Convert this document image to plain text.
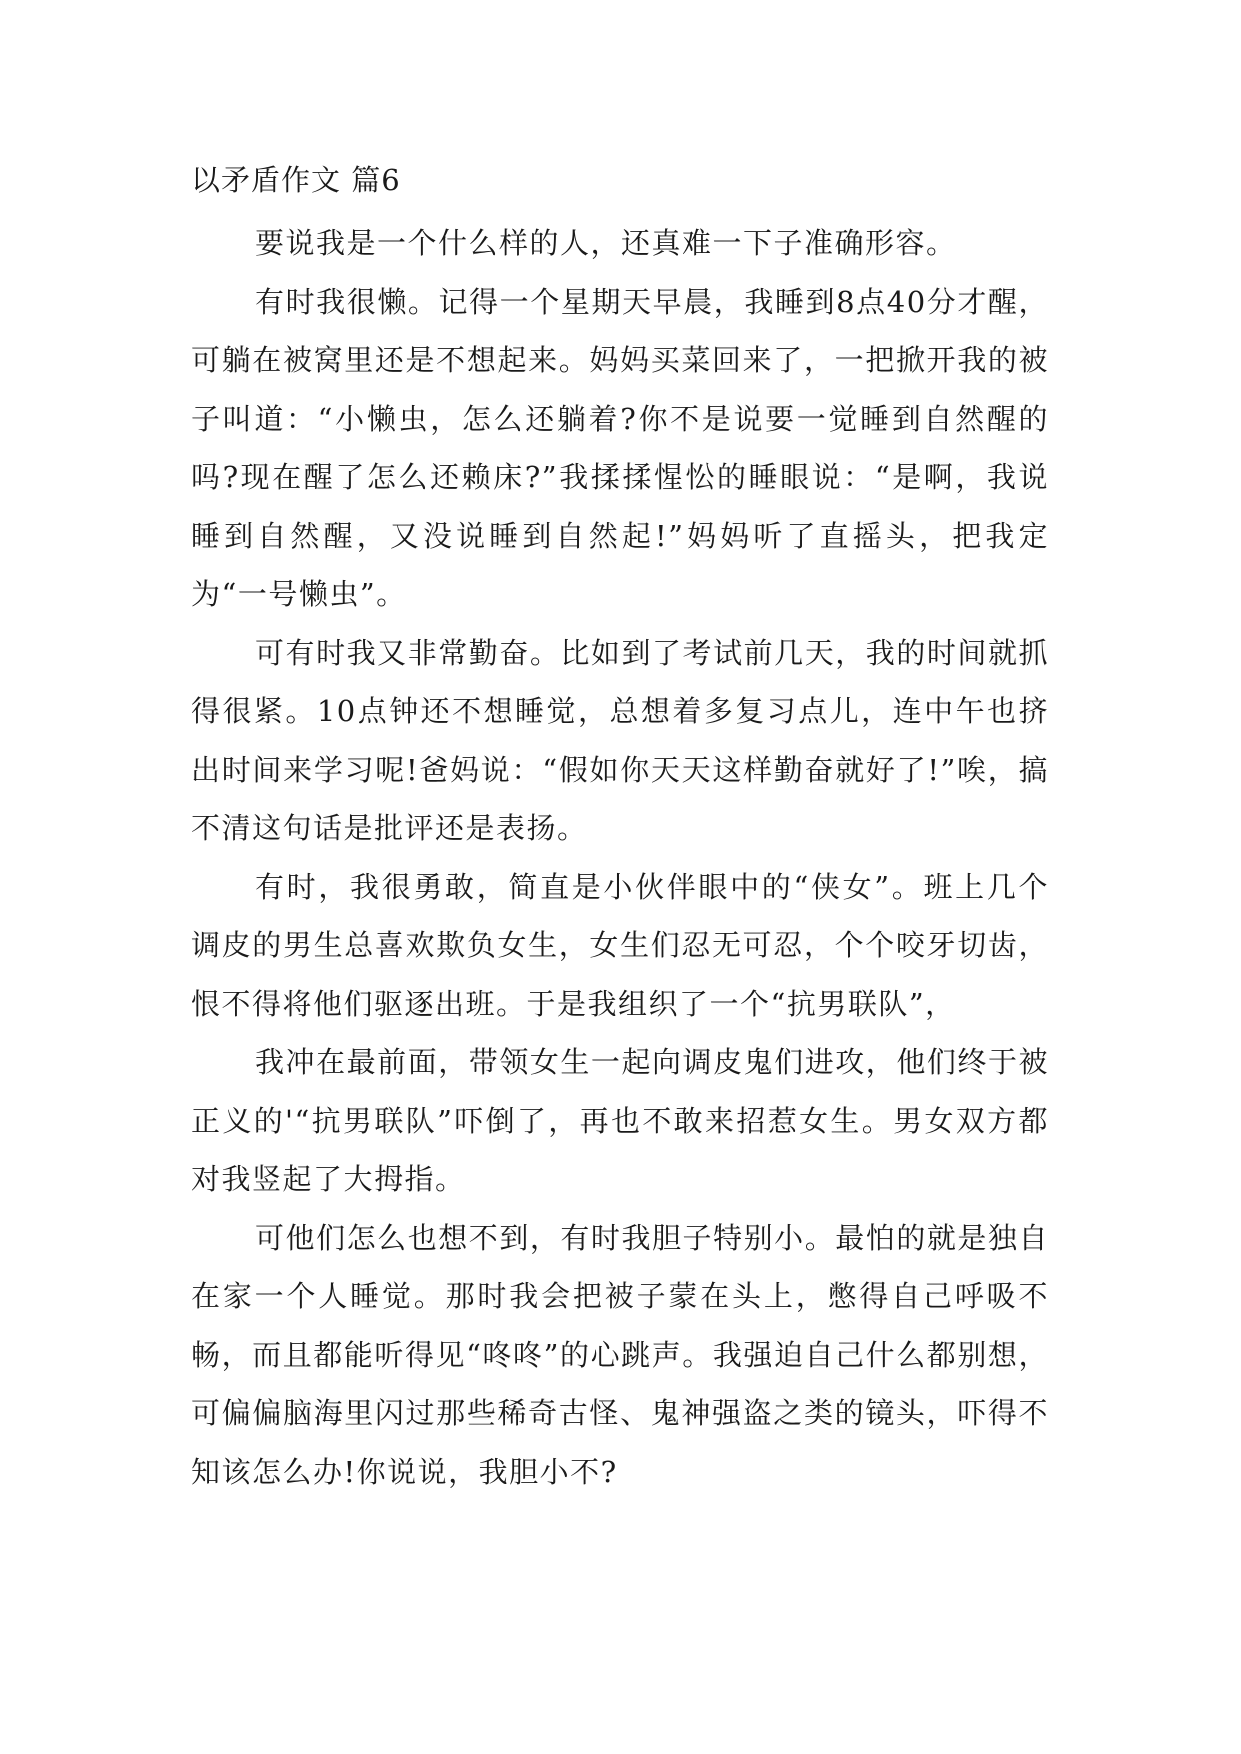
以矛盾作文 篇6

要说我是一个什么样的人，还真难一下子准确形容。

有时我很懒。记得一个星期天早晨，我睡到8点40分才醒，可躺在被窝里还是不想起来。妈妈买菜回来了，一把掀开我的被子叫道：“小懒虫，怎么还躺着?你不是说要一觉睡到自然醒的吗?现在醒了怎么还赖床?”我揉揉惺忪的睡眼说：“是啊，我说睡到自然醒，又没说睡到自然起!”妈妈听了直摇头，把我定为“一号懒虫”。

可有时我又非常勤奋。比如到了考试前几天，我的时间就抓得很紧。10点钟还不想睡觉，总想着多复习点儿，连中午也挤出时间来学习呢!爸妈说：“假如你天天这样勤奋就好了!”唉，搞不清这句话是批评还是表扬。

有时，我很勇敢，简直是小伙伴眼中的“侠女”。班上几个调皮的男生总喜欢欺负女生，女生们忍无可忍，个个咬牙切齿，恨不得将他们驱逐出班。于是我组织了一个“抗男联队”，

我冲在最前面，带领女生一起向调皮鬼们进攻，他们终于被正义的'“抗男联队”吓倒了，再也不敢来招惹女生。男女双方都对我竖起了大拇指。

可他们怎么也想不到，有时我胆子特别小。最怕的就是独自在家一个人睡觉。那时我会把被子蒙在头上，憋得自己呼吸不畅，而且都能听得见“咚咚”的心跳声。我强迫自己什么都别想，可偏偏脑海里闪过那些稀奇古怪、鬼神强盗之类的镜头，吓得不知该怎么办!你说说，我胆小不?
